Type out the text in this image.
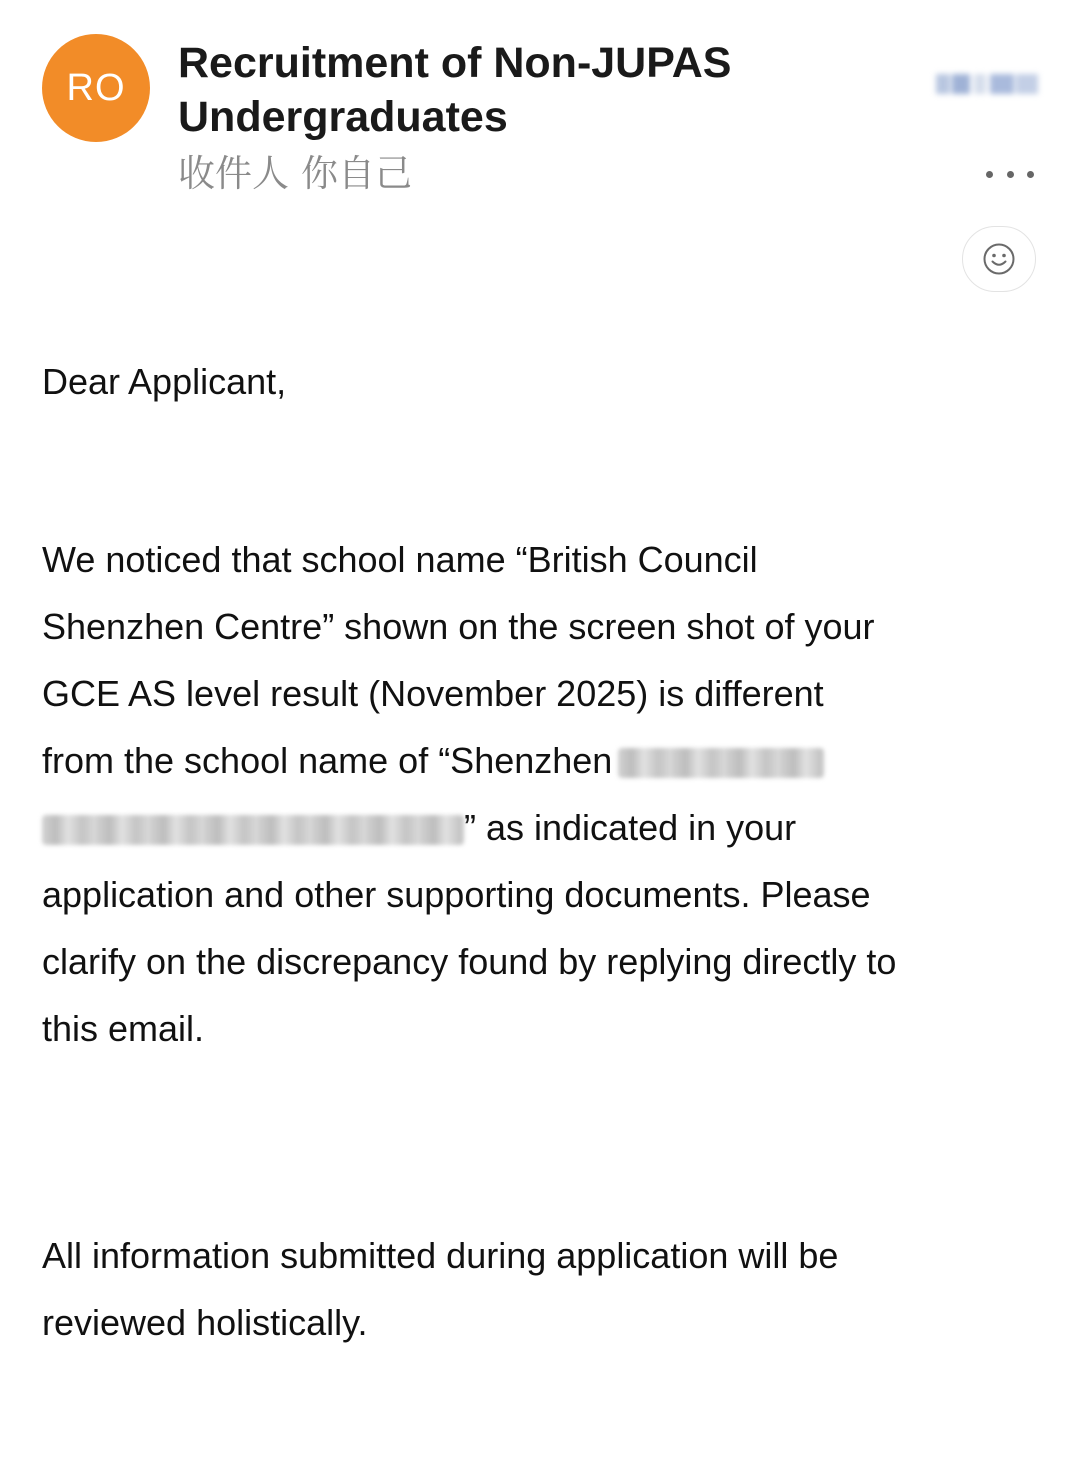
RO
Recruitment of Non-JUPAS Undergraduates
收件人 你自己

Dear Applicant,

We noticed that school name “British Council
Shenzhen Centre” shown on the screen shot of your
GCE AS level result (November 2025) is different
from the school name of “Shenzhen
” as indicated in your
application and other supporting documents. Please
clarify on the discrepancy found by replying directly to
this email.

All information submitted during application will be
reviewed holistically.
